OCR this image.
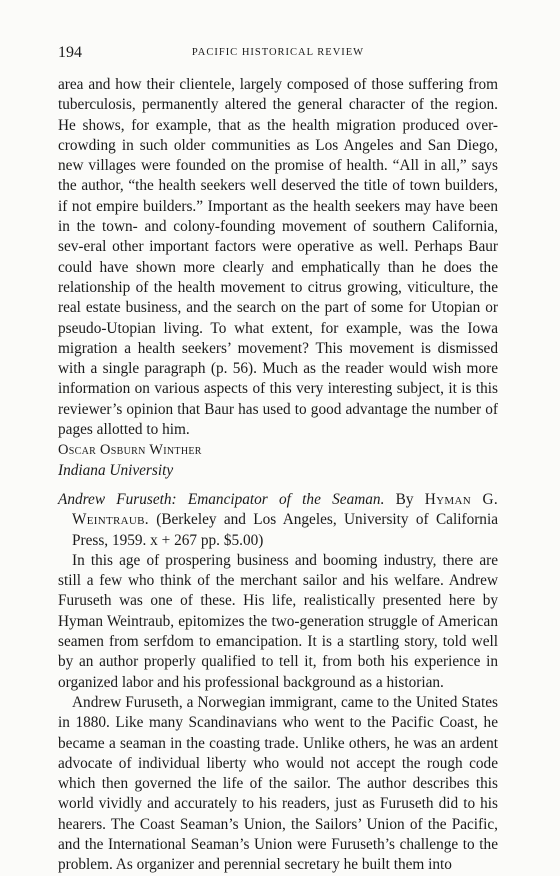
194	PACIFIC HISTORICAL REVIEW

area and how their clientele, largely composed of those suffering from tuberculosis, permanently altered the general character of the region. He shows, for example, that as the health migration produced over-crowding in such older communities as Los Angeles and San Diego, new villages were founded on the promise of health. “All in all,” says the author, “the health seekers well deserved the title of town builders, if not empire builders.” Important as the health seekers may have been in the town- and colony-founding movement of southern California, sev-eral other important factors were operative as well. Perhaps Baur could have shown more clearly and emphatically than he does the relationship of the health movement to citrus growing, viticulture, the real estate business, and the search on the part of some for Utopian or pseudo-Utopian living. To what extent, for example, was the Iowa migration a health seekers’ movement? This movement is dismissed with a single paragraph (p. 56). Much as the reader would wish more information on various aspects of this very interesting subject, it is this reviewer’s opinion that Baur has used to good advantage the number of pages allotted to him.

Oscar Osburn Winther

Indiana University

Andrew Furuseth: Emancipator of the Seaman. By Hyman G. Weintraub. (Berkeley and Los Angeles, University of California Press, 1959. x + 267 pp. $5.00)

In this age of prospering business and booming industry, there are still a few who think of the merchant sailor and his welfare. Andrew Furuseth was one of these. His life, realistically presented here by Hyman Weintraub, epitomizes the two-generation struggle of American seamen from serfdom to emancipation. It is a startling story, told well by an author properly qualified to tell it, from both his experience in organized labor and his professional background as a historian.

Andrew Furuseth, a Norwegian immigrant, came to the United States in 1880. Like many Scandinavians who went to the Pacific Coast, he became a seaman in the coasting trade. Unlike others, he was an ardent advocate of individual liberty who would not accept the rough code which then governed the life of the sailor. The author describes this world vividly and accurately to his readers, just as Furuseth did to his hearers. The Coast Seaman’s Union, the Sailors’ Union of the Pacific, and the International Seaman’s Union were Furuseth’s challenge to the problem. As organizer and perennial secretary he built them into
